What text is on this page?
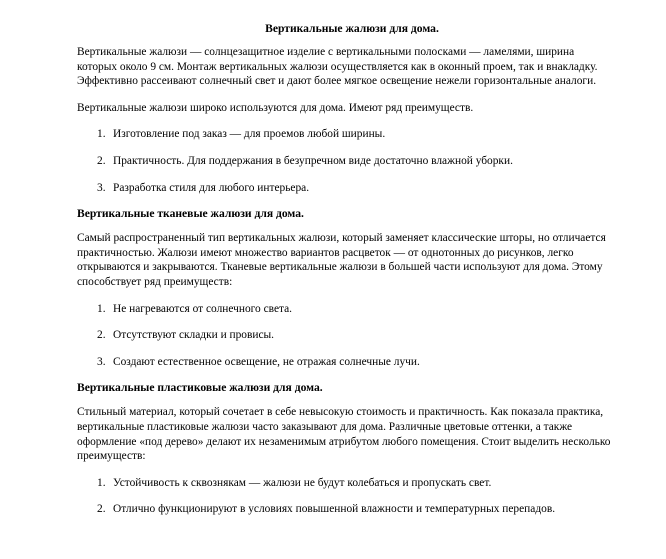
Вертикальные жалюзи для дома.

Вертикальные жалюзи — солнцезащитное изделие с вертикальными полосками — ламелями, ширина которых около 9 см. Монтаж вертикальных жалюзи осуществляется как в оконный проем, так и внакладку. Эффективно рассеивают солнечный свет и дают более мягкое освещение нежели горизонтальные аналоги.

Вертикальные жалюзи широко используются для дома. Имеют ряд преимуществ.

1. Изготовление под заказ — для проемов любой ширины.
2. Практичность. Для поддержания в безупречном виде достаточно влажной уборки.
3. Разработка стиля для любого интерьера.
Вертикальные тканевые жалюзи для дома.

Самый распространенный тип вертикальных жалюзи, который заменяет классические шторы, но отличается практичностью. Жалюзи имеют множество вариантов расцветок — от однотонных до рисунков, легко открываются и закрываются. Тканевые вертикальные жалюзи в большей части используют для дома. Этому способствует ряд преимуществ:

1. Не нагреваются от солнечного света.
2. Отсутствуют складки и провисы.
3. Создают естественное освещение, не отражая солнечные лучи.
Вертикальные пластиковые жалюзи для дома.

Стильный материал, который сочетает в себе невысокую стоимость и практичность. Как показала практика, вертикальные пластиковые жалюзи часто заказывают для дома. Различные цветовые оттенки, а также оформление «под дерево» делают их незаменимым атрибутом любого помещения. Стоит выделить несколько преимуществ:

1. Устойчивость к сквознякам — жалюзи не будут колебаться и пропускать свет.
2. Отлично функционируют в условиях повышенной влажности и температурных перепадов.
